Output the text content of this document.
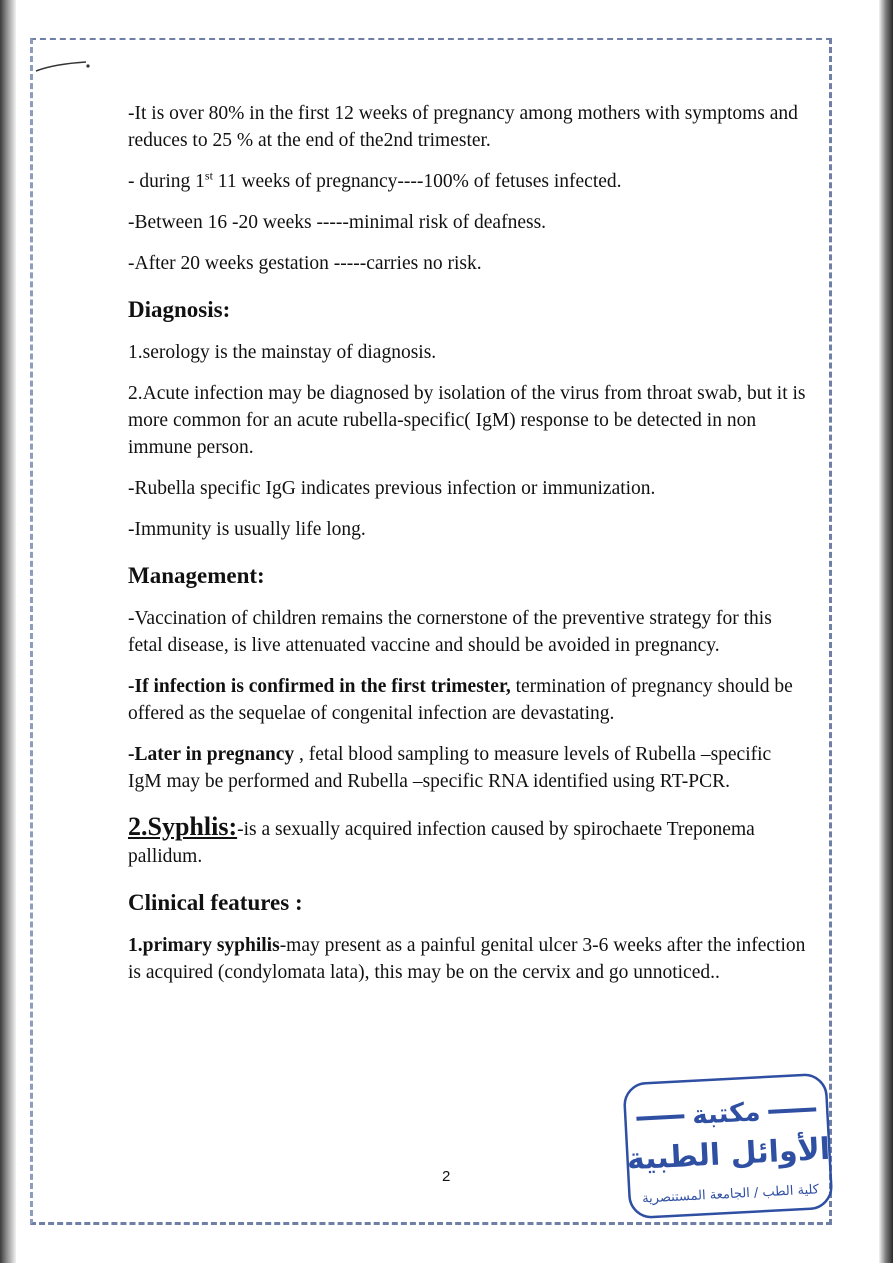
-It is over 80% in the first 12 weeks of pregnancy among mothers with symptoms and reduces to 25 % at the end of the2nd trimester.

- during 1st 11 weeks of pregnancy----100% of fetuses infected.

-Between 16 -20 weeks -----minimal risk of deafness.

-After 20 weeks gestation -----carries no risk.

Diagnosis:

1.serology is the mainstay of diagnosis.

2.Acute infection may be diagnosed by isolation of the virus from throat swab, but it is more common for an acute rubella-specific( IgM) response to be detected in non immune person.

-Rubella specific IgG indicates previous infection or immunization.

-Immunity is usually life long.

Management:

-Vaccination of children remains the cornerstone of the preventive strategy for this fetal disease, is live attenuated vaccine and should be avoided in pregnancy.

-If infection is confirmed in the first trimester, termination of pregnancy should be offered as the sequelae of congenital infection are devastating.

-Later in pregnancy , fetal blood sampling to measure levels of Rubella –specific IgM may be performed and Rubella –specific RNA identified using RT-PCR.

2.Syphlis:-is a sexually acquired infection caused by spirochaete Treponema pallidum.

Clinical features :

1.primary syphilis-may present as a painful genital ulcer 3-6 weeks after the infection is acquired (condylomata lata), this may be on the cervix and go unnoticed..

2
مكتبة
الأوائل الطبية
كلية الطب / الجامعة المستنصرية
